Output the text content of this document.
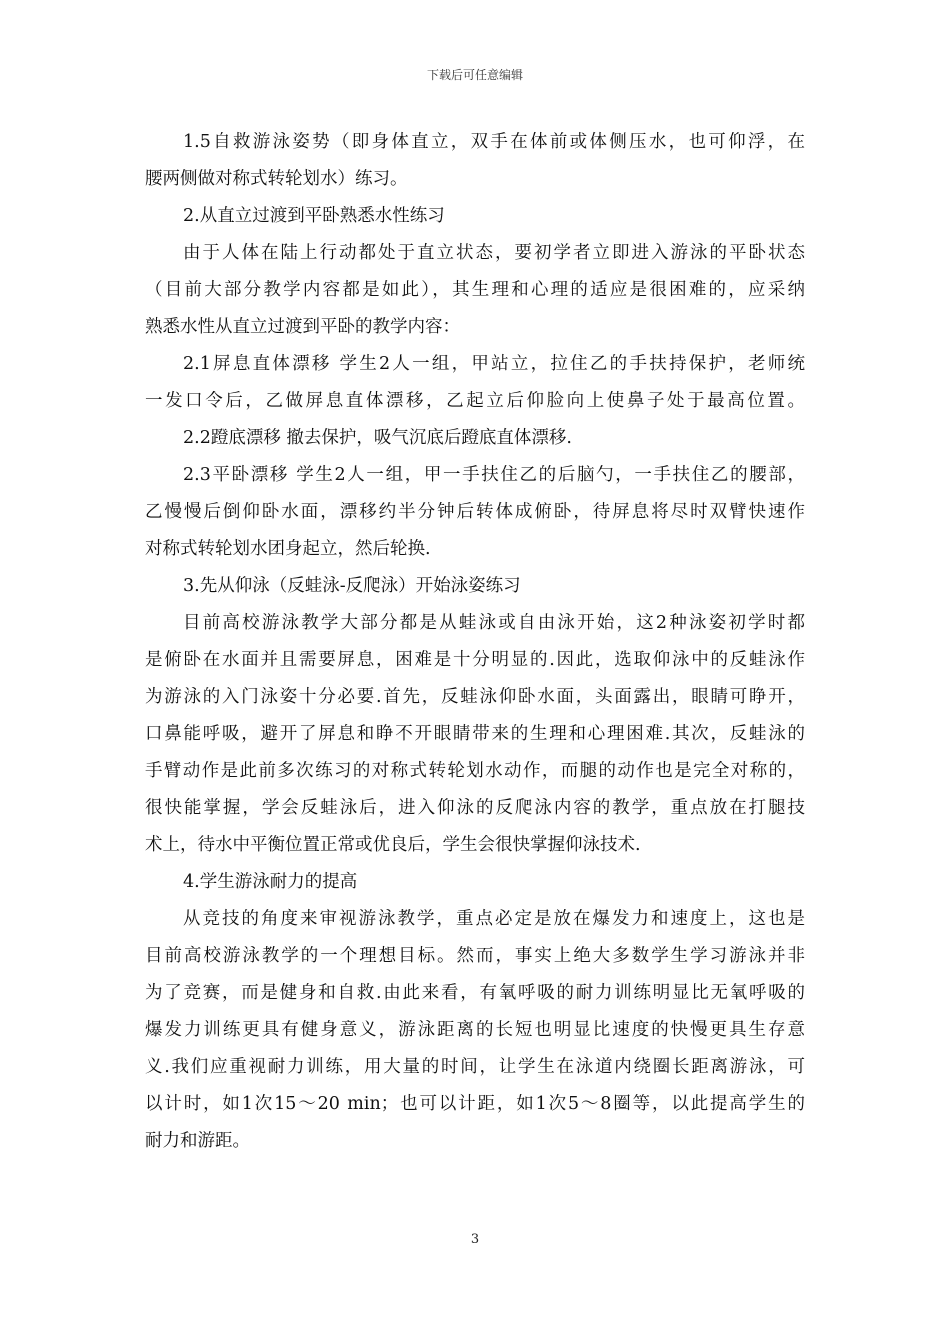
下载后可任意编辑
1.5自救游泳姿势（即身体直立，双手在体前或体侧压水，也可仰浮，在
腰两侧做对称式转轮划水）练习。
2.从直立过渡到平卧熟悉水性练习
由于人体在陆上行动都处于直立状态，要初学者立即进入游泳的平卧状态
（目前大部分教学内容都是如此），其生理和心理的适应是很困难的，应采纳
熟悉水性从直立过渡到平卧的教学内容：
2.1屏息直体漂移 学生2人一组，甲站立，拉住乙的手扶持保护，老师统
一发口令后，乙做屏息直体漂移，乙起立后仰脸向上使鼻子处于最高位置。
2.2蹬底漂移 撤去保护，吸气沉底后蹬底直体漂移.
2.3平卧漂移 学生2人一组，甲一手扶住乙的后脑勺，一手扶住乙的腰部，
乙慢慢后倒仰卧水面，漂移约半分钟后转体成俯卧，待屏息将尽时双臂快速作
对称式转轮划水团身起立，然后轮换.
3.先从仰泳（反蛙泳-反爬泳）开始泳姿练习
目前高校游泳教学大部分都是从蛙泳或自由泳开始，这2种泳姿初学时都
是俯卧在水面并且需要屏息，困难是十分明显的.因此，选取仰泳中的反蛙泳作
为游泳的入门泳姿十分必要.首先，反蛙泳仰卧水面，头面露出，眼睛可睁开，
口鼻能呼吸，避开了屏息和睁不开眼睛带来的生理和心理困难.其次，反蛙泳的
手臂动作是此前多次练习的对称式转轮划水动作，而腿的动作也是完全对称的，
很快能掌握，学会反蛙泳后，进入仰泳的反爬泳内容的教学，重点放在打腿技
术上，待水中平衡位置正常或优良后，学生会很快掌握仰泳技术.
4.学生游泳耐力的提高
从竞技的角度来审视游泳教学，重点必定是放在爆发力和速度上，这也是
目前高校游泳教学的一个理想目标。然而，事实上绝大多数学生学习游泳并非
为了竞赛，而是健身和自救.由此来看，有氧呼吸的耐力训练明显比无氧呼吸的
爆发力训练更具有健身意义，游泳距离的长短也明显比速度的快慢更具生存意
义.我们应重视耐力训练，用大量的时间，让学生在泳道内绕圈长距离游泳，可
以计时，如1次15～20 min；也可以计距，如1次5～8圈等，以此提高学生的
耐力和游距。
3
